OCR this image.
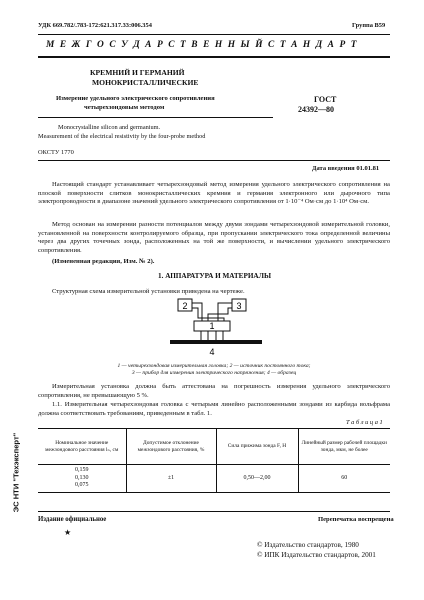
УДК 669.782/.783-172:621.317.33:006.354	Группа В59
М Е Ж Г О С У Д А Р С Т В Е Н Н Ы Й С Т А Н Д А Р Т
КРЕМНИЙ И ГЕРМАНИЙ
МОНОКРИСТАЛЛИЧЕСКИЕ
Измерение удельного электрического сопротивления
четырехзондовым методом
ГОСТ
24392—80
Monocrystalline silicon and germanium.
Measurement of the electrical resistivity by the four-probe method
ОКСТУ 1770
Дата введения 01.01.81
Настоящий стандарт устанавливает четырехзондовый метод измерения удельного электрического сопротивления на плоской поверхности слитков монокристаллических кремния и германия электронного или дырочного типа электропроводности в диапазоне значений удельного электрического сопротивления от 1·10⁻⁴ Ом·см до 1·10⁴ Ом·см.
Метод основан на измерении разности потенциалов между двумя зондами четырехзондовой измерительной головки, установленной на поверхности контролируемого образца, при пропускании электрического тока определенной величины через два других точечных зонда, расположенных на той же поверхности, и вычислении удельного электрического сопротивления.
(Измененная редакция, Изм. № 2).
1. АППАРАТУРА И МАТЕРИАЛЫ
Структурная схема измерительной установки приведена на чертеже.
2	3
1
4
1 — четырехзондовая измерительная головка; 2 — источник постоянного тока;
3 — прибор для измерения электрического напряжения; 4 — образец
Измерительная установка должна быть аттестована на погрешность измерения удельного электрического сопротивления, не превышающую 5 %.
1.1. Измерительная четырехзондовая головка с четырьмя линейно расположенными зондами из карбида вольфрама должна соответствовать требованиям, приведенным в табл. 1.
Т а б л и ц а 1
Номинальное значение межзондового расстояния lₙ, см	Допустимое отклонение межзондового расстояния, %	Сила прижима зонда F, Н	Линейный размер рабочей площадки зонда, мкм, не более

0,159
0,130
0,075	±1	0,50—2,00	60
Издание официальное	Перепечатка воспрещена
★
© Издательство стандартов, 1980
© ИПК Издательство стандартов, 2001
ЭС НТИ "Техэксперт"
